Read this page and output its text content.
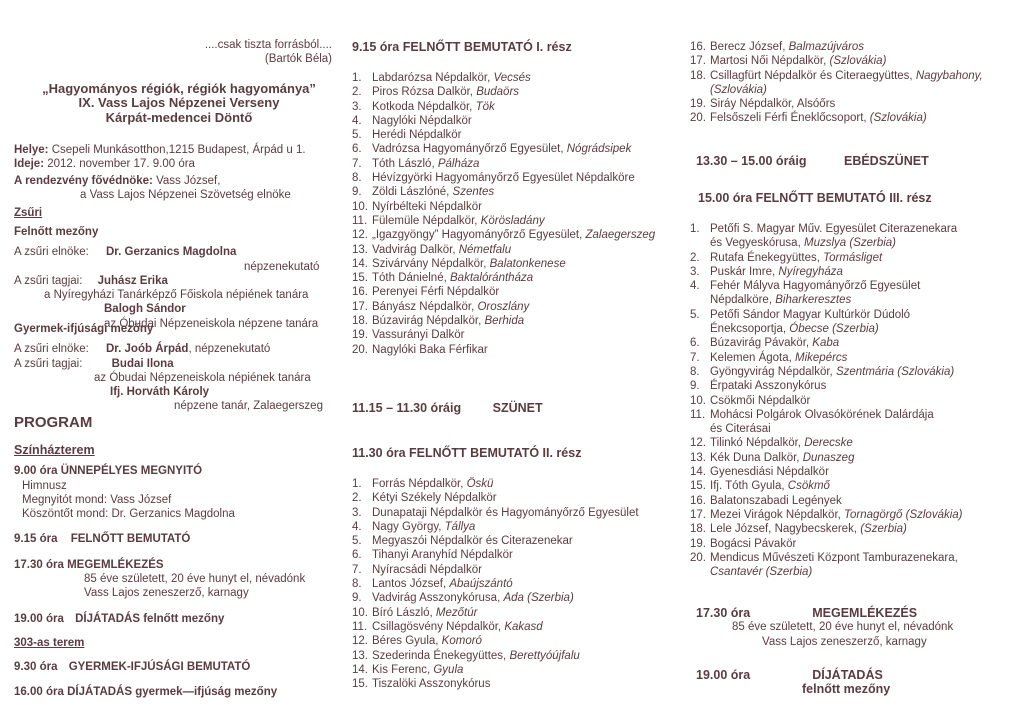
....csak tiszta forrásból....
(Bartók Béla)
„Hagyományos régiók, régiók hagyománya”
IX. Vass Lajos Népzenei Verseny
Kárpát-medencei Döntő
Helye: Csepeli Munkásotthon,1215 Budapest, Árpád u 1.
Ideje: 2012. november 17. 9.00 óra
A rendezvény fővédnöke: Vass József,
a Vass Lajos Népzenei Szövetség elnöke
Zsűri
Felnőtt mezőny
A zsűri elnöke: Dr. Gerzanics Magdolna
népzenekutató
A zsűri tagjai: Juhász Erika
a Nyíregyházi Tanárképző Főiskola népiének tanára
Balogh Sándor
az Óbudai Népzeneiskola népzene tanára
Gyermek-ifjúsági mezőny
A zsűri elnöke: Dr. Joób Árpád, népzenekutató
A zsűri tagjai:	Budai Ilona
az Óbudai Népzeneiskola népiének tanára
Ifj. Horváth Károly
népzene tanár, Zalaegerszeg
PROGRAM
Színházterem
9.00 óra ÜNNEPÉLYES MEGNYITÓ
Himnusz
Megnyitót mond: Vass József
Köszöntőt mond: Dr. Gerzanics Magdolna
9.15 óra FELNŐTT BEMUTATÓ
17.30 óra MEGEMLÉKEZÉS
85 éve született, 20 éve hunyt el, névadónk
Vass Lajos zeneszerző, karnagy
19.00 óra DÍJÁTADÁS felnőtt mezőny
303-as terem
9.30 óra GYERMEK-IFJÚSÁGI BEMUTATÓ
16.00 óra DÍJÁTADÁS gyermek—ifjúság mezőny
9.15 óra FELNŐTT BEMUTATÓ I. rész
1. Labdarózsa Népdalkör, Vecsés
2. Piros Rózsa Dalkör, Budaörs
3. Kotkoda Népdalkör, Tök
4. Nagylóki Népdalkör
5. Herédi Népdalkör
6. Vadrózsa Hagyományőrző Egyesület, Nógrádsipek
7. Tóth László, Pálháza
8. Hévízgyörki Hagyományőrző Egyesület Népdalköre
9. Zöldi Lászlóné, Szentes
10. Nyírbélteki Népdalkör
11. Fülemüle Népdalkör, Körösladány
12. „Igazgyöngy” Hagyományőrző Egyesület, Zalaegerszeg
13. Vadvirág Dalkör, Németfalu
14. Szivárvány Népdalkör, Balatonkenese
15. Tóth Dánielné, Baktalórántháza
16. Perenyei Férfi Népdalkör
17. Bányász Népdalkör, Oroszlány
18. Búzavirág Népdalkör, Berhida
19. Vassurányi Dalkör
20. Nagylóki Baka Férfikar
11.15 – 11.30 óráig	SZÜNET
11.30 óra FELNŐTT BEMUTATÓ II. rész
1. Forrás Népdalkör, Öskü
2. Kétyi Székely Népdalkör
3. Dunapataji Népdalkör és Hagyományőrző Egyesület
4. Nagy György, Tállya
5. Megyaszói Népdalkör és Citerazenekar
6. Tihanyi Aranyhíd Népdalkör
7. Nyíracsádi Népdalkör
8. Lantos József, Abaújszántó
9. Vadvirág Asszonykórusa, Ada (Szerbia)
10. Bíró László, Mezőtúr
11. Csillagösvény Népdalkör, Kakasd
12. Béres Gyula, Komoró
13. Szederinda Énekegyüttes, Berettyóújfalu
14. Kis Ferenc, Gyula
15. Tiszalöki Asszonykórus
16. Berecz József, Balmazújváros
17. Martosi Női Népdalkör, (Szlovákia)
18. Csillagfürt Népdalkör és Citeraegyüttes, Nagybahony,
(Szlovákia)
19. Siráy Népdalkör, Alsóőrs
20. Felsőszeli Férfi Éneklőcsoport, (Szlovákia)
13.30 – 15.00 óráig	EBÉDSZÜNET
15.00 óra FELNŐTT BEMUTATÓ III. rész
1. Petőfi S. Magyar Műv. Egyesület Citerazenekara
és Vegyeskórusa, Muzslya (Szerbia)
2. Rutafa Énekegyüttes, Tormásliget
3. Puskár Imre, Nyíregyháza
4. Fehér Mályva Hagyományőrző Egyesület
Népdalköre, Biharkeresztes
5. Petőfi Sándor Magyar Kultúrkör Dúdoló
Énekcsoportja, Óbecse (Szerbia)
6. Búzavirág Pávakör, Kaba
7. Kelemen Ágota, Mikepércs
8. Gyöngyvirág Népdalkör, Szentmária (Szlovákia)
9. Érpataki Asszonykórus
10. Csökmői Népdalkör
11. Mohácsi Polgárok Olvasókörének Dalárdája
és Citerásai
12. Tilinkó Népdalkör, Derecske
13. Kék Duna Dalkör, Dunaszeg
14. Gyenesdiási Népdalkör
15. Ifj. Tóth Gyula, Csökmő
16. Balatonszabadi Legények
17. Mezei Virágok Népdalkör, Tornagörgő (Szlovákia)
18. Lele József, Nagybecskerek, (Szerbia)
19. Bogácsi Pávakör
20. Mendicus Művészeti Központ Tamburazenekara,
Csantavér (Szerbia)
17.30 óra	MEGEMLÉKEZÉS
85 éve született, 20 éve hunyt el, névadónk
Vass Lajos zeneszerző, karnagy
19.00 óra	DÍJÁTADÁS
felnőtt mezőny
